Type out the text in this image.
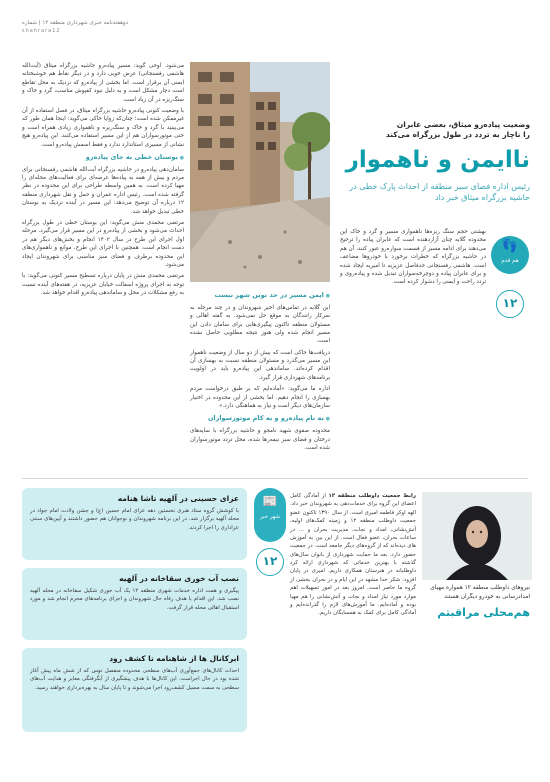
دوهفته‌نامه خبری شهرداری منطقه ۱۲ | شماره
shahrara12
وضعیت پیاده‌رو میثاق، بعضی عابران
را ناچار به تردد در طول بزرگراه می‌کند
ناایمن و ناهموار
رئیس اداره فضای سبز منطقه از احداث پارک خطی در حاشیه بزرگراه میثاق خبر داد
👣
هم قدم
۱۲

بهشتی حجم سنگ ریزه‌ها ناهمواری مسیر و گرد و خاک این محدوده گلایه چنان آزاردهنده است که عابران پیاده را ترجیح می‌دهند برای ادامه مسیر از قسمت سواره‌رو عبور کنند، آن هم در حاشیه بزرگراه که خطرات برخورد با خودروها مضاعف است. هاشمی رفسنجانی حدفاصل عزیزیه تا امیریه ایجاد شده و برای عابران پیاده و دوچرخه‌سواران تبدیل شده و پیاده‌روی و تردد راحت و ایمنی را دشوار کرده است.

● ایمن مسیر در حد نوین شهر نیست

این گلایه در تماس‌های اخیر شهروندان و در چند مرحله به سرکار رانندگان به موقع حل نمی‌شود. به گفته اهالی و مسئولان منطقه تاکنون پیگیری‌هایی برای سامان دادن این مسیر انجام شده ولی هنوز نتیجه مطلوبی حاصل نشده است.

دریافت‌ها حاکی است که بیش از دو سال از وضعیت ناهموار این مسیر می‌گذرد و مسئولان منطقه نسبت به بهسازی آن اقدام کرده‌اند. ساماندهی این پیاده‌رو باید در اولویت برنامه‌های شهرداری قرار گیرد.

اداره ما می‌گوید: «آماده‌ایم که بر طبق درخواست مردم بهسازی را انجام دهیم. اما بخشی از این محدوده در اختیار سازمان‌های دیگر است و نیاز به هماهنگی دارد.»

● به نام پیاده‌رو و به کام موتورسواران

محدوده صفوی شهید نامجو و حاشیه بزرگراه با سایه‌های درختان و فضای سبز نیمه‌رها شده، محل تردد موتورسواران شده است.

می‌شود. اوحی گوید: مسیر پیاده‌رو حاشیه بزرگراه میثاق (آیت‌الله هاشمی رفسنجانی) عرض خوبی دارد و در دیگر نقاط هم خوشبختانه ایمنی آن برقرار است. اما بخشی از پیاده‌رو که نزدیک به محل تقاطع است دچار مشکل است و به دلیل نبود کفپوش مناسب، گرد و خاک و سنگ‌ریزه در آن زیاد است.

با وضعیت کنونی پیاده‌رو حاشیه بزرگراه میثاق، در فصل استفاده از آن غیرممکن شده است؛ چنان‌که زوایا خاکی می‌گوید: اینجا همان طور که می‌بینید با گرد و خاک و سنگ‌ریزه و ناهمواری زیادی همراه است و حتی موتورسواران هم از این مسیر استفاده می‌کنند. این پیاده‌رو هیچ نشانی از مسیری استاندارد ندارد و فقط اسمش پیاده‌رو است.

● بوستان خطی به جای پیاده‌رو

سامان‌دهی پیاده‌رو در حاشیه بزرگراه آیت‌الله هاشمی رفسنجانی برای مردم و بیش از همه به پیاده‌ها عرصه‌ای برای فعالیت‌های محله‌ای را مهیا کرده است. به همین واسطه طراحی برای این محدوده در نظر گرفته شده است. رئیس اداره عمران و حمل و نقل شهرداری منطقه ۱۲ درباره آن توضیح می‌دهد: این مسیر در آینده نزدیک به بوستان خطی تبدیل خواهد شد.

مرتضی محمدی منش می‌گوید: این بوستان خطی در طول بزرگراه احداث می‌شود و بخشی از پیاده‌رو در این مسیر قرار می‌گیرد. مرحله اول اجرای این طرح در سال ۱۴۰۲ انجام و بخش‌های دیگر هم در دست انجام است. همچنین با اجرای این طرح، موانع و ناهمواری‌های این محدوده برطرف و فضای سبز مناسبی برای شهروندان ایجاد می‌شود.

مرتضی محمدی منش در پایان درباره تسطیح مسیر کنونی می‌گوید: با توجه به اجرای پروژه اسفالت خیابان عزیزیه، در هفته‌های آینده نسبت به رفع مشکلات در محل و ساماندهی پیاده‌رو اقدام خواهد شد.

نیروهای داوطلب منطقه ۱۲ همواره مهیای امدادرسانی به خودرو دیگران هستند
هم‌محلی مراقبتم
رابط جمعیت داوطلب منطقه ۱۲ از آمادگی کامل اعضای این گروه برای خدمات‌دهی به شهروندان خبر داد. الهه اوکر فاطمه امیری است. از سال ۱۳۹۰ تاکنون عضو جمعیت داوطلب منطقه ۱۲ و زمینه کمک‌های اولیه، آتش‌نشانی، امداد و نجات، مدیریت بحران و ... در ساعات بحران، عضو فعال است. از این بین به آموزش های دیده‌اند که از گروه‌های دیگر جامعه است. در جمعیت حضور دارد. بعد ما حمایت شهرداری از بانوان سال‌های گذشته با بهترین خدماتی که شهرداری ارائه کرد داوطلبانه در هنرستان همکاری داریم. امیری در پایان افزود: شکر خدا مشهد در این ایام و در بحران بخشی از گروه ما حاضر است. امروز بعد در امور تسهیلات اهم موارد مورد نیاز امداد و نجات و آتش‌نشانی را هم مهیا بوده و آماده‌ایم. ما آموزش‌های لازم را گذرانده‌ایم و آمادگی کامل برای کمک به همسایگان داریم.
📰
شهر خبر
۱۲
عزای حسینی در آلهیه تاشا هنامه
با کوشش گروه ستاد هنری نخستین دهه عزای امام حسین (ع) و جشن ولادت امام جواد در محله آلهیه برگزار شد. در این برنامه شهروندان و نوجوانان هم حضور داشتند و آیین‌های سنتی عزاداری را اجرا کردند.
نصب آب خوری سقاخانه در آلهیه
پیگیری و همت اداره خدمات شهری منطقه ۱۲ یک آب خوری شکیل سقاخانه در محله آلهیه نصب شد. این اقدام با هدف رفاه حال شهروندان و اجرای برنامه‌های محرم انجام شد و مورد استقبال اهالی محله قرار گرفت.
ابرکانال ها از شاهنامه تا کشف رود
احداث کانال‌های جمع‌آوری آب‌های سطحی محدوده منفصل توس که از شش ماه پیش آغاز شده بود در حال اجراست. این کانال‌ها با هدف پیشگیری از آبگرفتگی معابر و هدایت آب‌های سطحی به سمت مسیل کشف‌رود اجرا می‌شوند و تا پایان سال به بهره‌برداری خواهند رسید.
